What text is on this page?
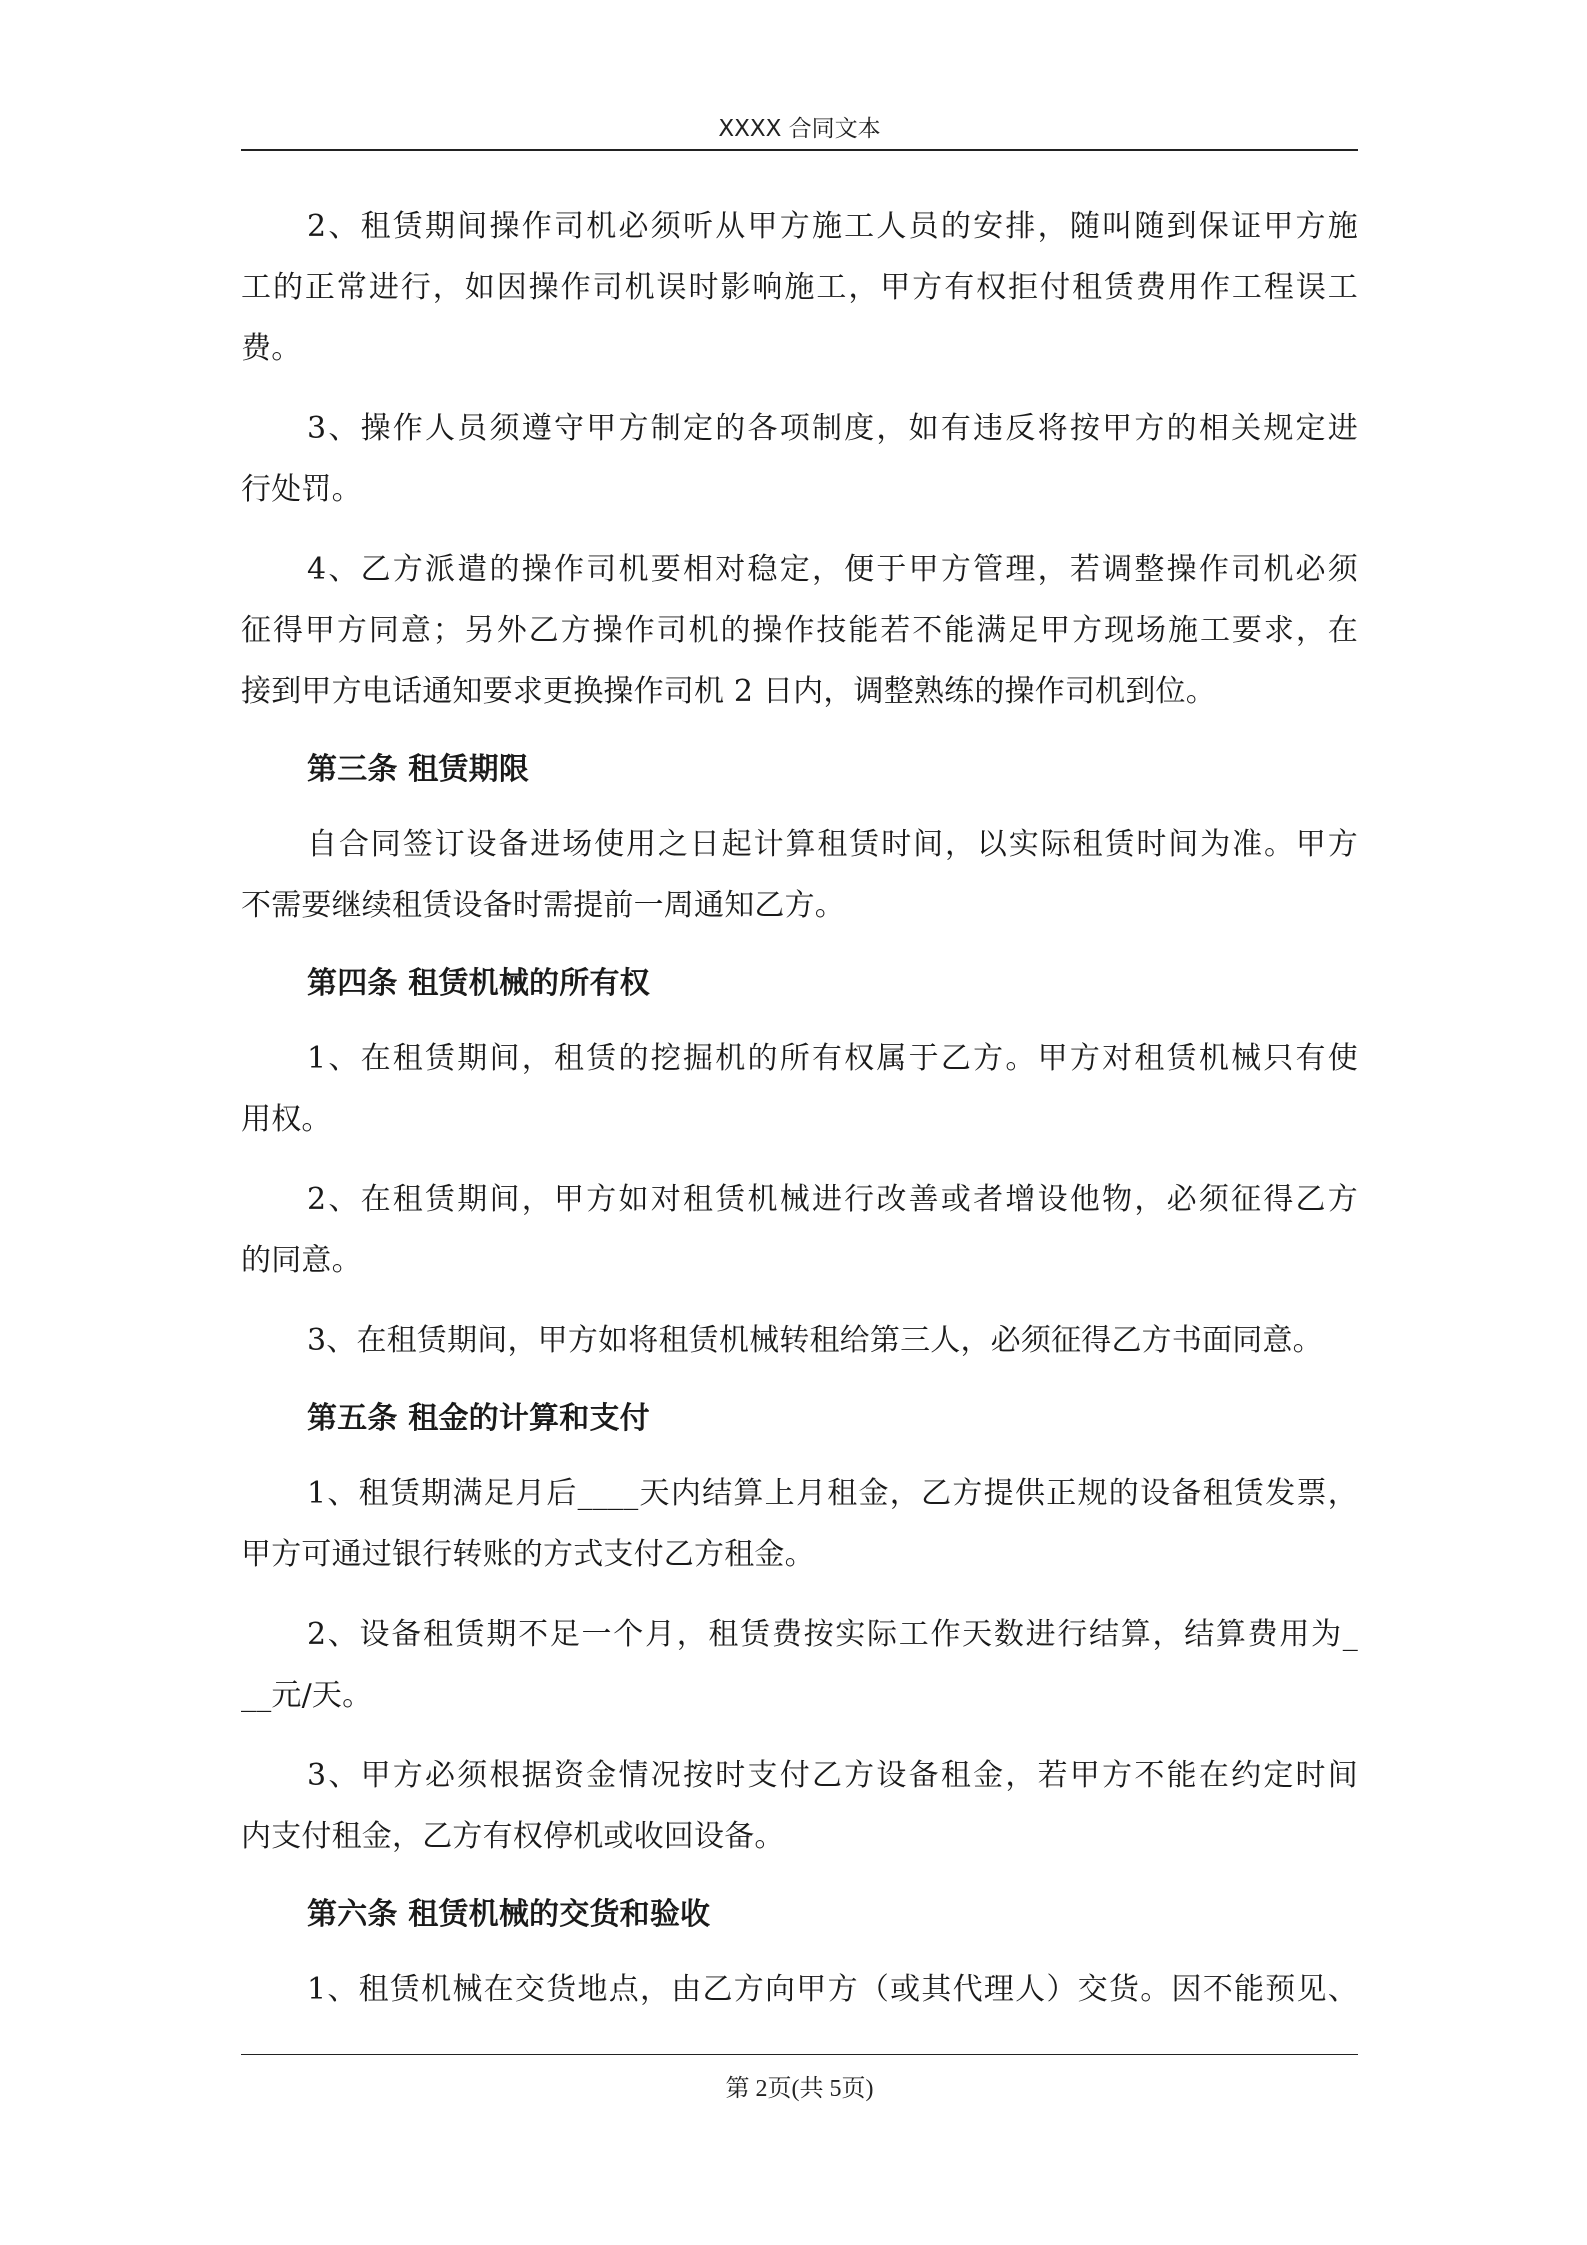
XXXX 合同文本
2、租赁期间操作司机必须听从甲方施工人员的安排，随叫随到保证甲方施
工的正常进行，如因操作司机误时影响施工，甲方有权拒付租赁费用作工程误工
费。
3、操作人员须遵守甲方制定的各项制度，如有违反将按甲方的相关规定进
行处罚。
4、乙方派遣的操作司机要相对稳定，便于甲方管理，若调整操作司机必须
征得甲方同意；另外乙方操作司机的操作技能若不能满足甲方现场施工要求，在
接到甲方电话通知要求更换操作司机 2 日内，调整熟练的操作司机到位。
第三条 租赁期限
自合同签订设备进场使用之日起计算租赁时间，以实际租赁时间为准。甲方
不需要继续租赁设备时需提前一周通知乙方。
第四条 租赁机械的所有权
1、在租赁期间，租赁的挖掘机的所有权属于乙方。甲方对租赁机械只有使
用权。
2、在租赁期间，甲方如对租赁机械进行改善或者增设他物，必须征得乙方
的同意。
3、在租赁期间，甲方如将租赁机械转租给第三人，必须征得乙方书面同意。
第五条 租金的计算和支付
1、租赁期满足月后____天内结算上月租金，乙方提供正规的设备租赁发票，
甲方可通过银行转账的方式支付乙方租金。
2、设备租赁期不足一个月，租赁费按实际工作天数进行结算，结算费用为_
__元/天。
3、甲方必须根据资金情况按时支付乙方设备租金，若甲方不能在约定时间
内支付租金，乙方有权停机或收回设备。
第六条 租赁机械的交货和验收
1、租赁机械在交货地点，由乙方向甲方（或其代理人）交货。因不能预见、
第 2页(共 5页)
